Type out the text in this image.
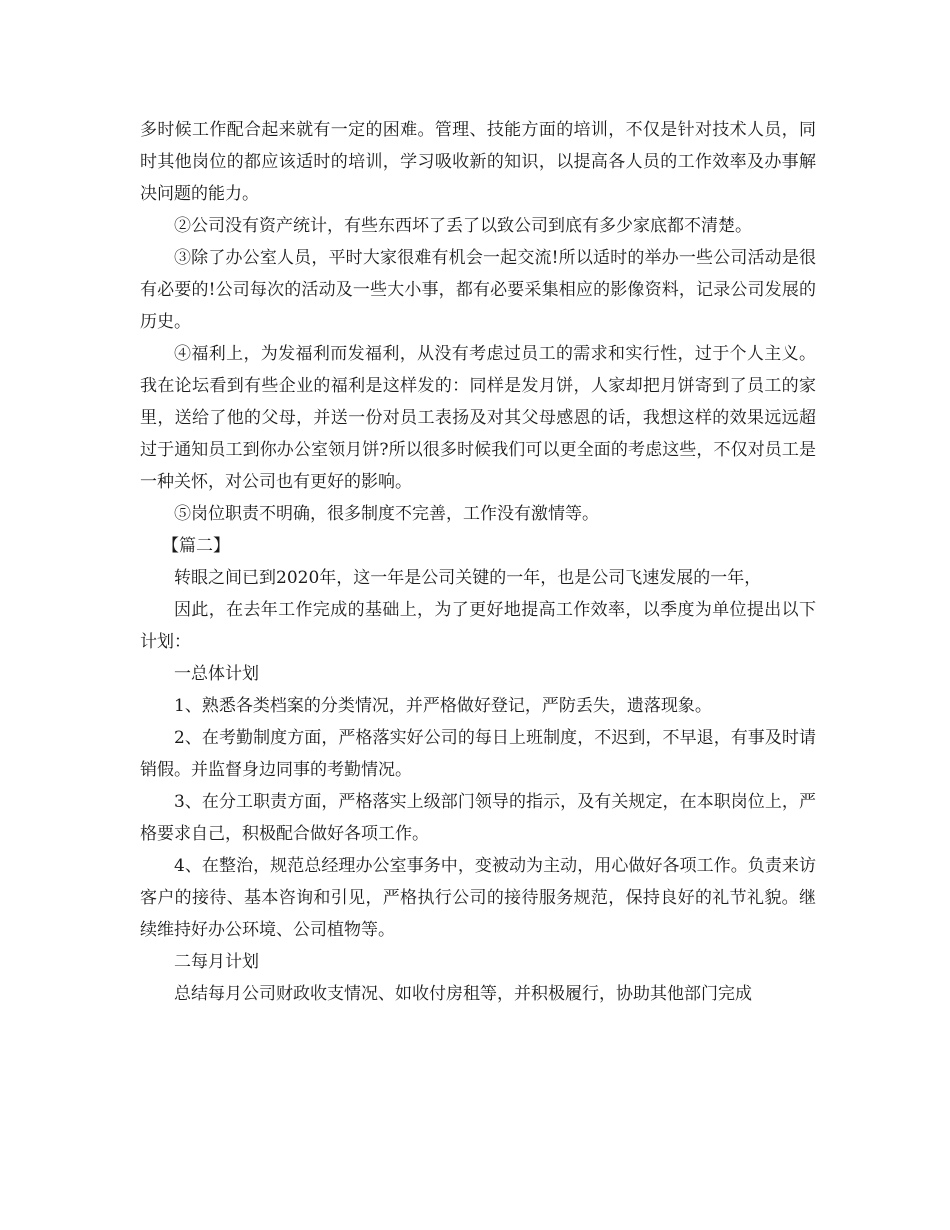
多时候工作配合起来就有一定的困难。管理、技能方面的培训，不仅是针对技术人员，同时其他岗位的都应该适时的培训，学习吸收新的知识，以提高各人员的工作效率及办事解决问题的能力。

②公司没有资产统计，有些东西坏了丢了以致公司到底有多少家底都不清楚。

③除了办公室人员，平时大家很难有机会一起交流!所以适时的举办一些公司活动是很有必要的!公司每次的活动及一些大小事，都有必要采集相应的影像资料，记录公司发展的历史。

④福利上，为发福利而发福利，从没有考虑过员工的需求和实行性，过于个人主义。我在论坛看到有些企业的福利是这样发的：同样是发月饼，人家却把月饼寄到了员工的家里，送给了他的父母，并送一份对员工表扬及对其父母感恩的话，我想这样的效果远远超过于通知员工到你办公室领月饼?所以很多时候我们可以更全面的考虑这些，不仅对员工是一种关怀，对公司也有更好的影响。

⑤岗位职责不明确，很多制度不完善，工作没有激情等。

【篇二】

转眼之间已到2020年，这一年是公司关键的一年，也是公司飞速发展的一年，

因此，在去年工作完成的基础上，为了更好地提高工作效率，以季度为单位提出以下计划：

一总体计划

1、熟悉各类档案的分类情况，并严格做好登记，严防丢失，遗落现象。

2、在考勤制度方面，严格落实好公司的每日上班制度，不迟到，不早退，有事及时请销假。并监督身边同事的考勤情况。

3、在分工职责方面，严格落实上级部门领导的指示，及有关规定，在本职岗位上，严格要求自己，积极配合做好各项工作。

4、在整治，规范总经理办公室事务中，变被动为主动，用心做好各项工作。负责来访客户的接待、基本咨询和引见，严格执行公司的接待服务规范，保持良好的礼节礼貌。继续维持好办公环境、公司植物等。

二每月计划

总结每月公司财政收支情况、如收付房租等，并积极履行，协助其他部门完成
